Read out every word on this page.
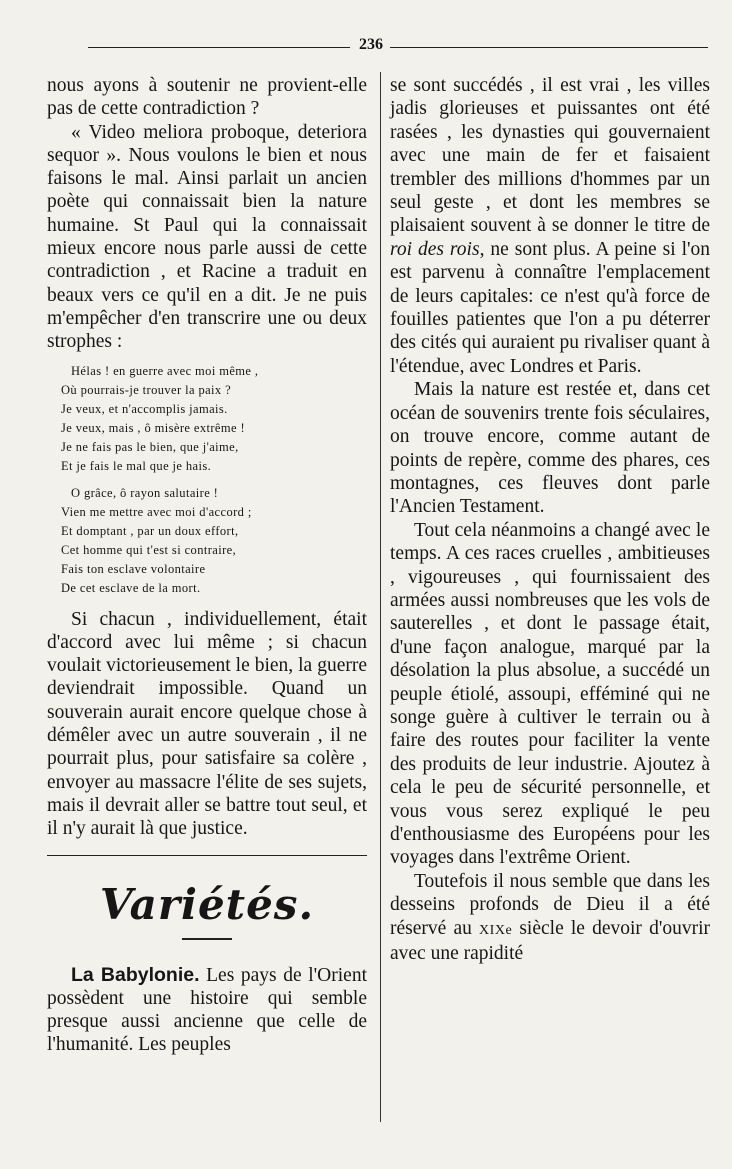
236

nous ayons à soutenir ne provient-elle pas de cette contradiction ?

« Video meliora proboque, deteriora sequor ». Nous voulons le bien et nous faisons le mal. Ainsi parlait un ancien poète qui connaissait bien la nature humaine. St Paul qui la connaissait mieux encore nous parle aussi de cette contradiction , et Racine a traduit en beaux vers ce qu'il en a dit. Je ne puis m'empêcher d'en transcrire une ou deux strophes :

Hélas ! en guerre avec moi même ,
Où pourrais-je trouver la paix ?
Je veux, et n'accomplis jamais.
Je veux, mais , ô misère extrême !
Je ne fais pas le bien, que j'aime,
Et je fais le mal que je hais.
O grâce, ô rayon salutaire !
Vien me mettre avec moi d'accord ;
Et domptant , par un doux effort,
Cet homme qui t'est si contraire,
Fais ton esclave volontaire
De cet esclave de la mort.

Si chacun , individuellement, était d'accord avec lui même ; si chacun voulait victorieusement le bien, la guerre deviendrait impossible. Quand un souverain aurait encore quelque chose à démêler avec un autre souverain , il ne pourrait plus, pour satisfaire sa colère , envoyer au massacre l'élite de ses sujets, mais il devrait aller se battre tout seul, et il n'y aurait là que justice.

Variétés.

La Babylonie. Les pays de l'Orient possèdent une histoire qui semble presque aussi ancienne que celle de l'humanité. Les peuples

se sont succédés , il est vrai , les villes jadis glorieuses et puissantes ont été rasées , les dynasties qui gouvernaient avec une main de fer et faisaient trembler des millions d'hommes par un seul geste , et dont les membres se plaisaient souvent à se donner le titre de roi des rois, ne sont plus. A peine si l'on est parvenu à connaître l'emplacement de leurs capitales: ce n'est qu'à force de fouilles patientes que l'on a pu déterrer des cités qui auraient pu rivaliser quant à l'étendue, avec Londres et Paris.

Mais la nature est restée et, dans cet océan de souvenirs trente fois séculaires, on trouve encore, comme autant de points de repère, comme des phares, ces montagnes, ces fleuves dont parle l'Ancien Testament.

Tout cela néanmoins a changé avec le temps. A ces races cruelles , ambitieuses , vigoureuses , qui fournissaient des armées aussi nombreuses que les vols de sauterelles , et dont le passage était, d'une façon analogue, marqué par la désolation la plus absolue, a succédé un peuple étiolé, assoupi, efféminé qui ne songe guère à cultiver le terrain ou à faire des routes pour faciliter la vente des produits de leur industrie. Ajoutez à cela le peu de sécurité personnelle, et vous vous serez expliqué le peu d'enthousiasme des Européens pour les voyages dans l'extrême Orient.

Toutefois il nous semble que dans les desseins profonds de Dieu il a été réservé au XIXe siècle le devoir d'ouvrir avec une rapidité
